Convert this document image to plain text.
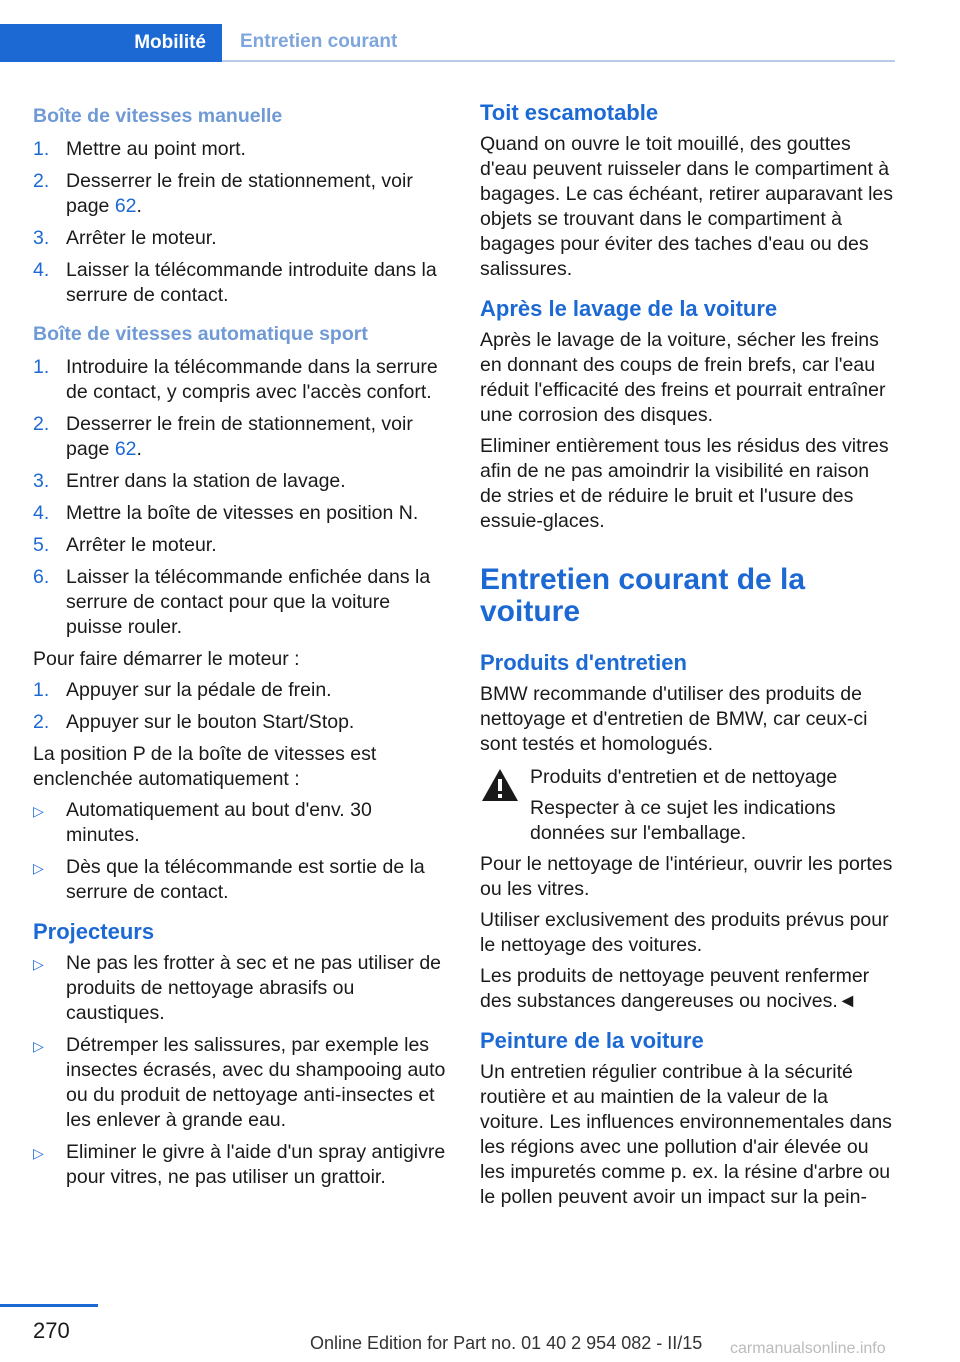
Mobilité	Entretien courant
Boîte de vitesses manuelle
1. Mettre au point mort.
2. Desserrer le frein de stationnement, voir page 62.
3. Arrêter le moteur.
4. Laisser la télécommande introduite dans la serrure de contact.
Boîte de vitesses automatique sport
1. Introduire la télécommande dans la serrure de contact, y compris avec l'accès confort.
2. Desserrer le frein de stationnement, voir page 62.
3. Entrer dans la station de lavage.
4. Mettre la boîte de vitesses en position N.
5. Arrêter le moteur.
6. Laisser la télécommande enfichée dans la serrure de contact pour que la voiture puisse rouler.

Pour faire démarrer le moteur :

1. Appuyer sur la pédale de frein.
2. Appuyer sur le bouton Start/Stop.

La position P de la boîte de vitesses est enclenchée automatiquement :

▷ Automatiquement au bout d'env. 30 minutes.
▷ Dès que la télécommande est sortie de la serrure de contact.
Projecteurs
▷ Ne pas les frotter à sec et ne pas utiliser de produits de nettoyage abrasifs ou caustiques.
▷ Détremper les salissures, par exemple les insectes écrasés, avec du shampooing auto ou du produit de nettoyage anti-insectes et les enlever à grande eau.
▷ Eliminer le givre à l'aide d'un spray antigivre pour vitres, ne pas utiliser un grattoir.
Toit escamotable

Quand on ouvre le toit mouillé, des gouttes d'eau peuvent ruisseler dans le compartiment à bagages. Le cas échéant, retirer auparavant les objets se trouvant dans le compartiment à bagages pour éviter des taches d'eau ou des salissures.

Après le lavage de la voiture

Après le lavage de la voiture, sécher les freins en donnant des coups de frein brefs, car l'eau réduit l'efficacité des freins et pourrait entraîner une corrosion des disques.

Eliminer entièrement tous les résidus des vitres afin de ne pas amoindrir la visibilité en raison de stries et de réduire le bruit et l'usure des essuie-glaces.

Entretien courant de la voiture
Produits d'entretien

BMW recommande d'utiliser des produits de nettoyage et d'entretien de BMW, car ceux-ci sont testés et homologués.

Produits d'entretien et de nettoyage

Respecter à ce sujet les indications données sur l'emballage.

Pour le nettoyage de l'intérieur, ouvrir les portes ou les vitres.

Utiliser exclusivement des produits prévus pour le nettoyage des voitures.

Les produits de nettoyage peuvent renfermer des substances dangereuses ou nocives.◄

Peinture de la voiture

Un entretien régulier contribue à la sécurité routière et au maintien de la valeur de la voiture. Les influences environnementales dans les régions avec une pollution d'air élevée ou les impuretés comme p. ex. la résine d'arbre ou le pollen peuvent avoir un impact sur la pein-

270	Online Edition for Part no. 01 40 2 954 082 - II/15 carmanualsonline.info
